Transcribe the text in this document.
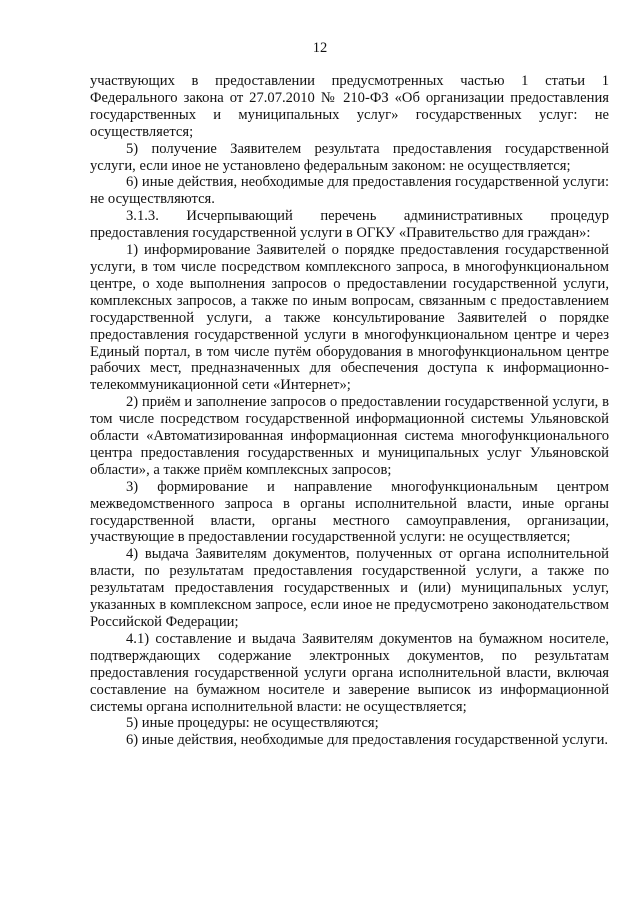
12

участвующих в предоставлении предусмотренных частью 1 статьи 1 Федерального закона от 27.07.2010 № 210-ФЗ «Об организации предоставления государственных и муниципальных услуг» государственных услуг: не осуществляется;

5) получение Заявителем результата предоставления государственной услуги, если иное не установлено федеральным законом: не осуществляется;

6) иные действия, необходимые для предоставления государственной услуги: не осуществляются.

3.1.3. Исчерпывающий перечень административных процедур предоставления государственной услуги в ОГКУ «Правительство для граждан»:

1) информирование Заявителей о порядке предоставления государственной услуги, в том числе посредством комплексного запроса, в многофункциональном центре, о ходе выполнения запросов о предоставлении государственной услуги, комплексных запросов, а также по иным вопросам, связанным с предоставлением государственной услуги, а также консультирование Заявителей о порядке предоставления государственной услуги в многофункциональном центре и через Единый портал, в том числе путём оборудования в многофункциональном центре рабочих мест, предназначенных для обеспечения доступа к информационно-телекоммуникационной сети «Интернет»;

2) приём и заполнение запросов о предоставлении государственной услуги, в том числе посредством государственной информационной системы Ульяновской области «Автоматизированная информационная система многофункционального центра предоставления государственных и муниципальных услуг Ульяновской области», а также приём комплексных запросов;

3) формирование и направление многофункциональным центром межведомственного запроса в органы исполнительной власти, иные органы государственной власти, органы местного самоуправления, организации, участвующие в предоставлении государственной услуги: не осуществляется;

4) выдача Заявителям документов, полученных от органа исполнительной власти, по результатам предоставления государственной услуги, а также по результатам предоставления государственных и (или) муниципальных услуг, указанных в комплексном запросе, если иное не предусмотрено законодательством Российской Федерации;

4.1) составление и выдача Заявителям документов на бумажном носителе, подтверждающих содержание электронных документов, по результатам предоставления государственной услуги органа исполнительной власти, включая составление на бумажном носителе и заверение выписок из информационной системы органа исполнительной власти: не осуществляется;

5) иные процедуры: не осуществляются;

6) иные действия, необходимые для предоставления государственной услуги.
